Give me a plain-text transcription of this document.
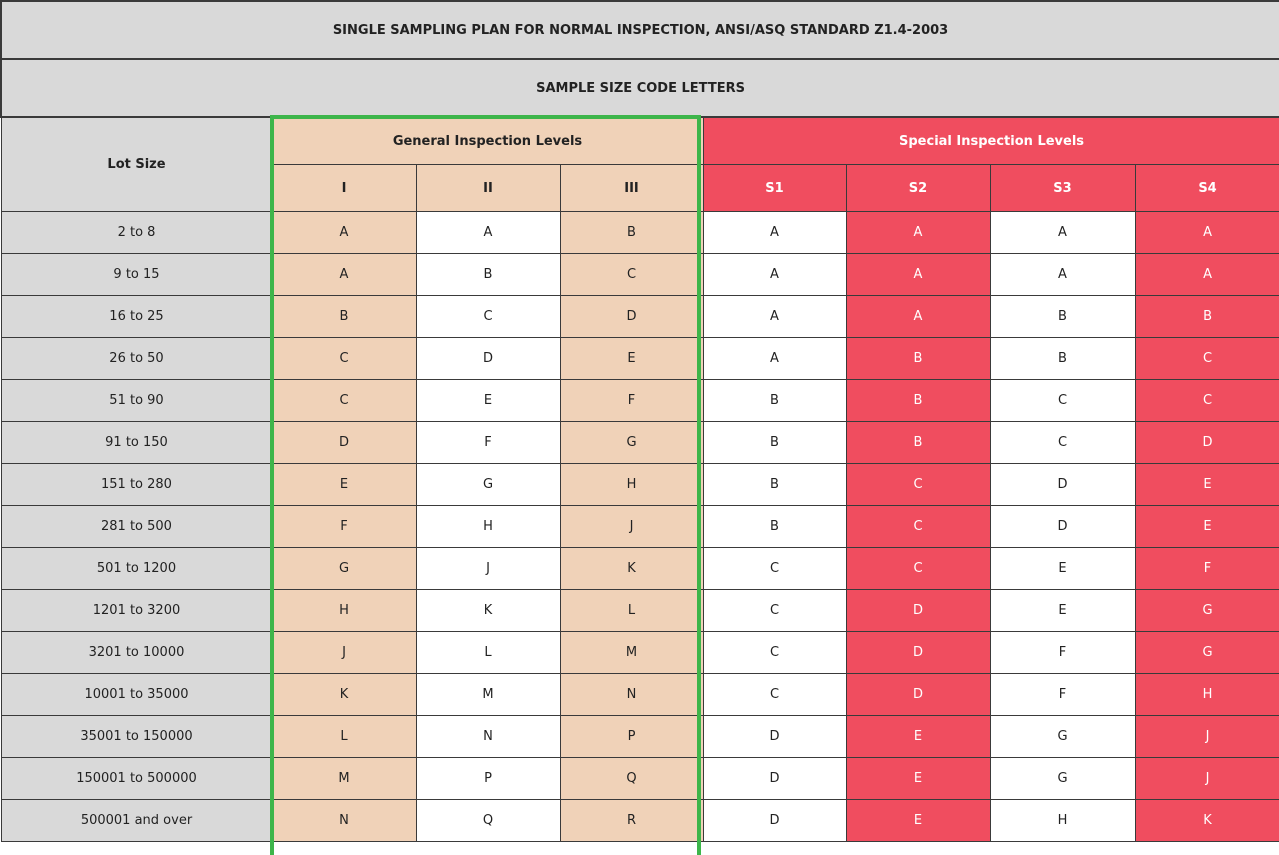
SINGLE SAMPLING PLAN FOR NORMAL INSPECTION, ANSI/ASQ STANDARD Z1.4-2003							
SAMPLE SIZE CODE LETTERS							
Lot Size	General Inspection Levels			Special Inspection Levels			
	I	II	III	S1	S2	S3	S4
2 to 8	A	A	B	A	A	A	A
9 to 15	A	B	C	A	A	A	A
16 to 25	B	C	D	A	A	B	B
26 to 50	C	D	E	A	B	B	C
51 to 90	C	E	F	B	B	C	C
91 to 150	D	F	G	B	B	C	D
151 to 280	E	G	H	B	C	D	E
281 to 500	F	H	J	B	C	D	E
501 to 1200	G	J	K	C	C	E	F
1201 to 3200	H	K	L	C	D	E	G
3201 to 10000	J	L	M	C	D	F	G
10001 to 35000	K	M	N	C	D	F	H
35001 to 150000	L	N	P	D	E	G	J
150001 to 500000	M	P	Q	D	E	G	J
500001 and over	N	Q	R	D	E	H	K
